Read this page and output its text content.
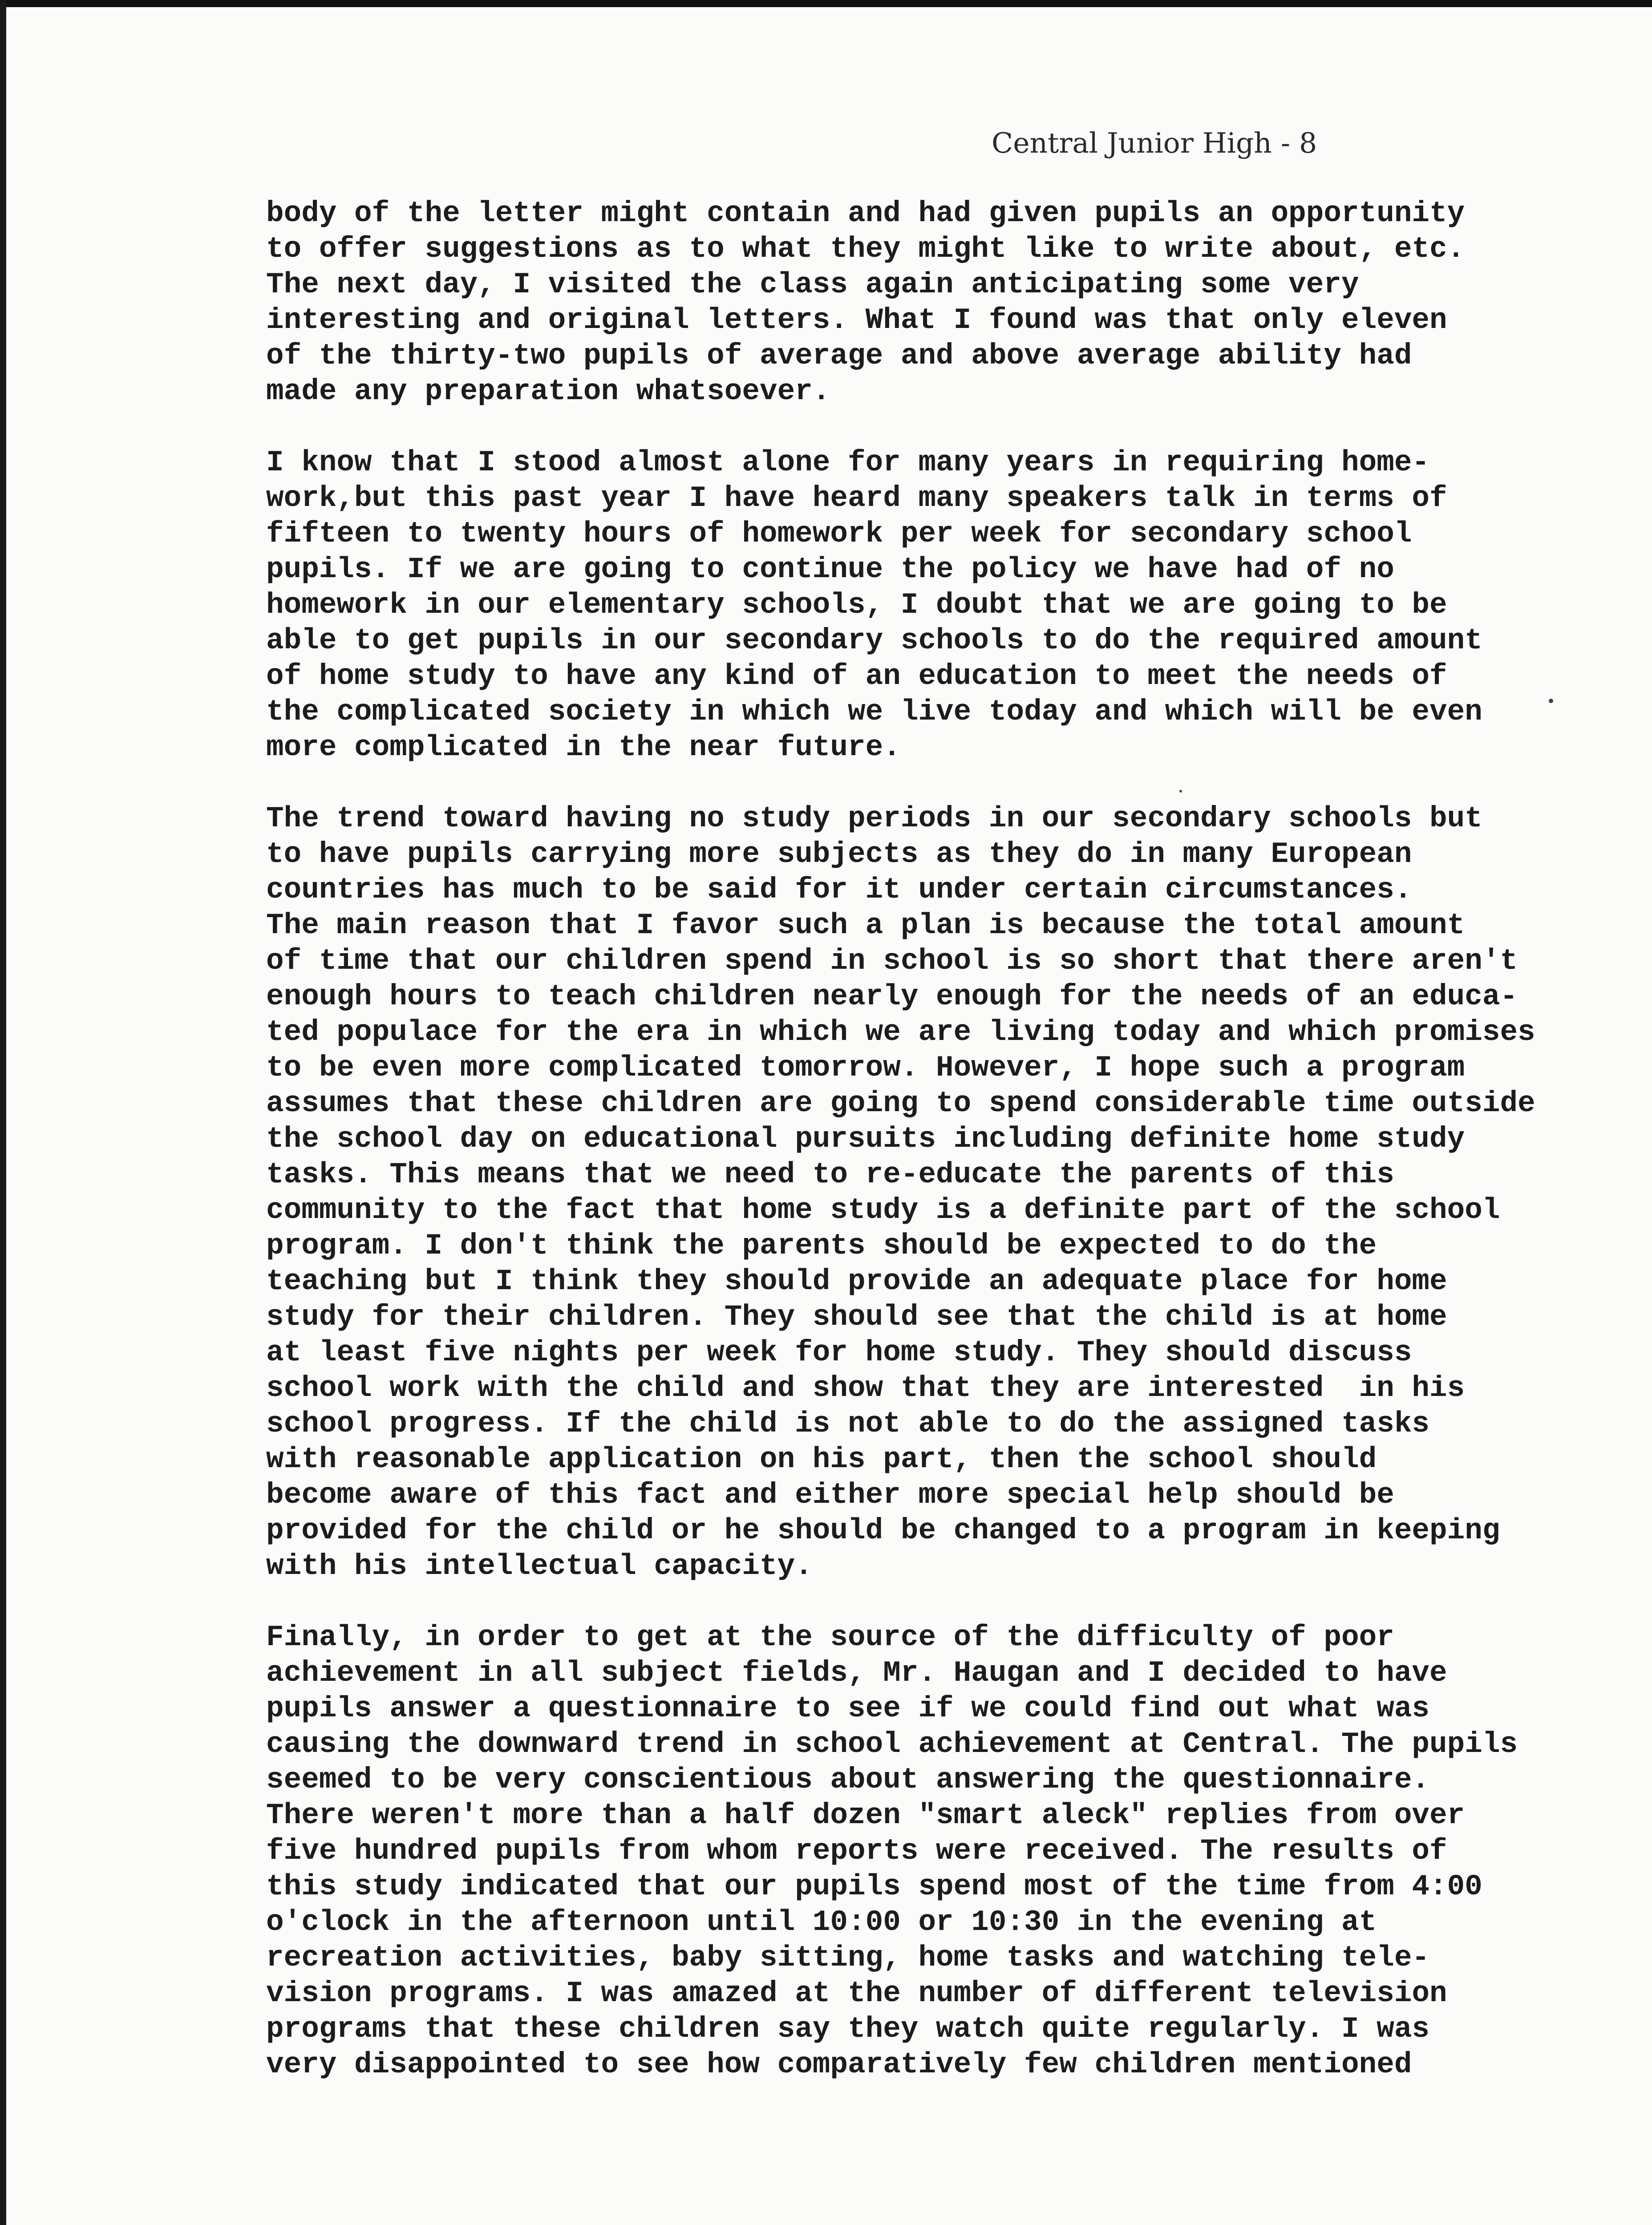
Central Junior High - 8
body of the letter might contain and had given pupils an opportunity
to offer suggestions as to what they might like to write about, etc.
The next day, I visited the class again anticipating some very
interesting and original letters. What I found was that only eleven
of the thirty-two pupils of average and above average ability had
made any preparation whatsoever.
I know that I stood almost alone for many years in requiring home-
work,but this past year I have heard many speakers talk in terms of
fifteen to twenty hours of homework per week for secondary school
pupils. If we are going to continue the policy we have had of no
homework in our elementary schools, I doubt that we are going to be
able to get pupils in our secondary schools to do the required amount
of home study to have any kind of an education to meet the needs of
the complicated society in which we live today and which will be even
more complicated in the near future.
The trend toward having no study periods in our secondary schools but
to have pupils carrying more subjects as they do in many European
countries has much to be said for it under certain circumstances.
The main reason that I favor such a plan is because the total amount
of time that our children spend in school is so short that there aren't
enough hours to teach children nearly enough for the needs of an educa-
ted populace for the era in which we are living today and which promises
to be even more complicated tomorrow. However, I hope such a program
assumes that these children are going to spend considerable time outside
the school day on educational pursuits including definite home study
tasks. This means that we need to re-educate the parents of this
community to the fact that home study is a definite part of the school
program. I don't think the parents should be expected to do the
teaching but I think they should provide an adequate place for home
study for their children. They should see that the child is at home
at least five nights per week for home study. They should discuss
school work with the child and show that they are interested  in his
school progress. If the child is not able to do the assigned tasks
with reasonable application on his part, then the school should
become aware of this fact and either more special help should be
provided for the child or he should be changed to a program in keeping
with his intellectual capacity.
Finally, in order to get at the source of the difficulty of poor
achievement in all subject fields, Mr. Haugan and I decided to have
pupils answer a questionnaire to see if we could find out what was
causing the downward trend in school achievement at Central. The pupils
seemed to be very conscientious about answering the questionnaire.
There weren't more than a half dozen "smart aleck" replies from over
five hundred pupils from whom reports were received. The results of
this study indicated that our pupils spend most of the time from 4:00
o'clock in the afternoon until 10:00 or 10:30 in the evening at
recreation activities, baby sitting, home tasks and watching tele-
vision programs. I was amazed at the number of different television
programs that these children say they watch quite regularly. I was
very disappointed to see how comparatively few children mentioned
